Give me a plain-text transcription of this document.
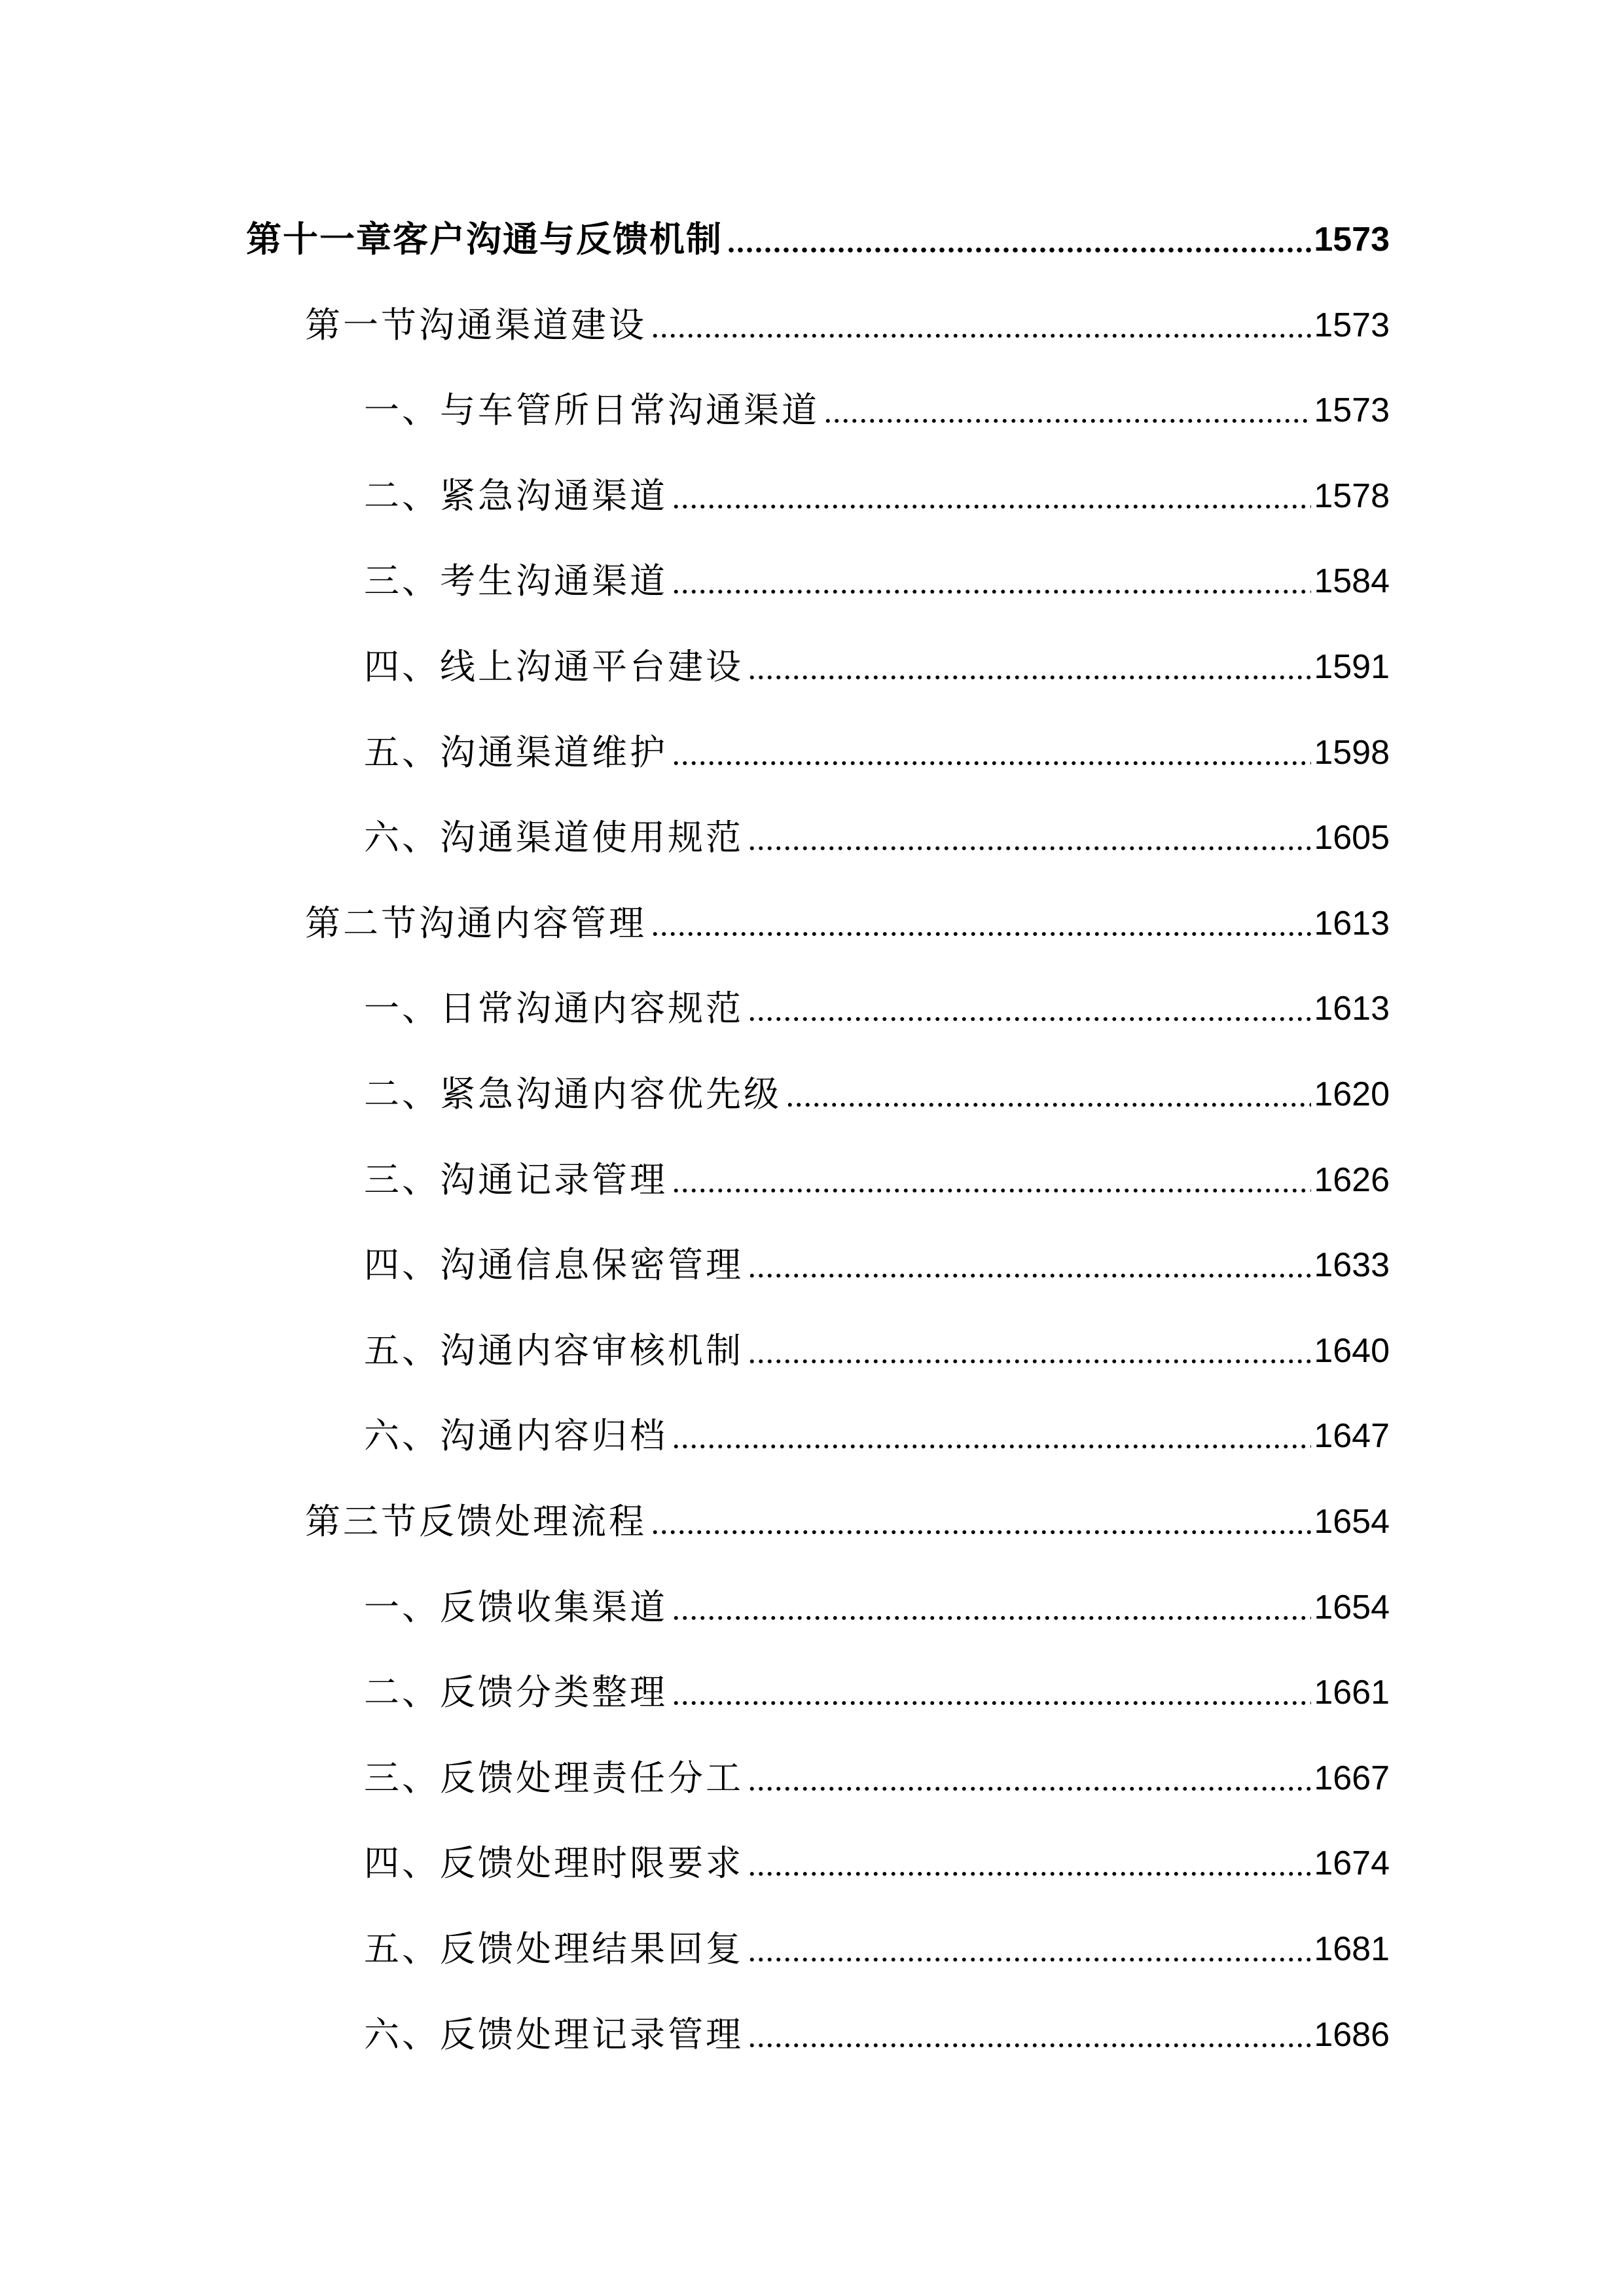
第十一章客户沟通与反馈机制	1573
第一节沟通渠道建设	1573
一、与车管所日常沟通渠道	1573
二、紧急沟通渠道	1578
三、考生沟通渠道	1584
四、线上沟通平台建设	1591
五、沟通渠道维护	1598
六、沟通渠道使用规范	1605
第二节沟通内容管理	1613
一、日常沟通内容规范	1613
二、紧急沟通内容优先级	1620
三、沟通记录管理	1626
四、沟通信息保密管理	1633
五、沟通内容审核机制	1640
六、沟通内容归档	1647
第三节反馈处理流程	1654
一、反馈收集渠道	1654
二、反馈分类整理	1661
三、反馈处理责任分工	1667
四、反馈处理时限要求	1674
五、反馈处理结果回复	1681
六、反馈处理记录管理	1686
